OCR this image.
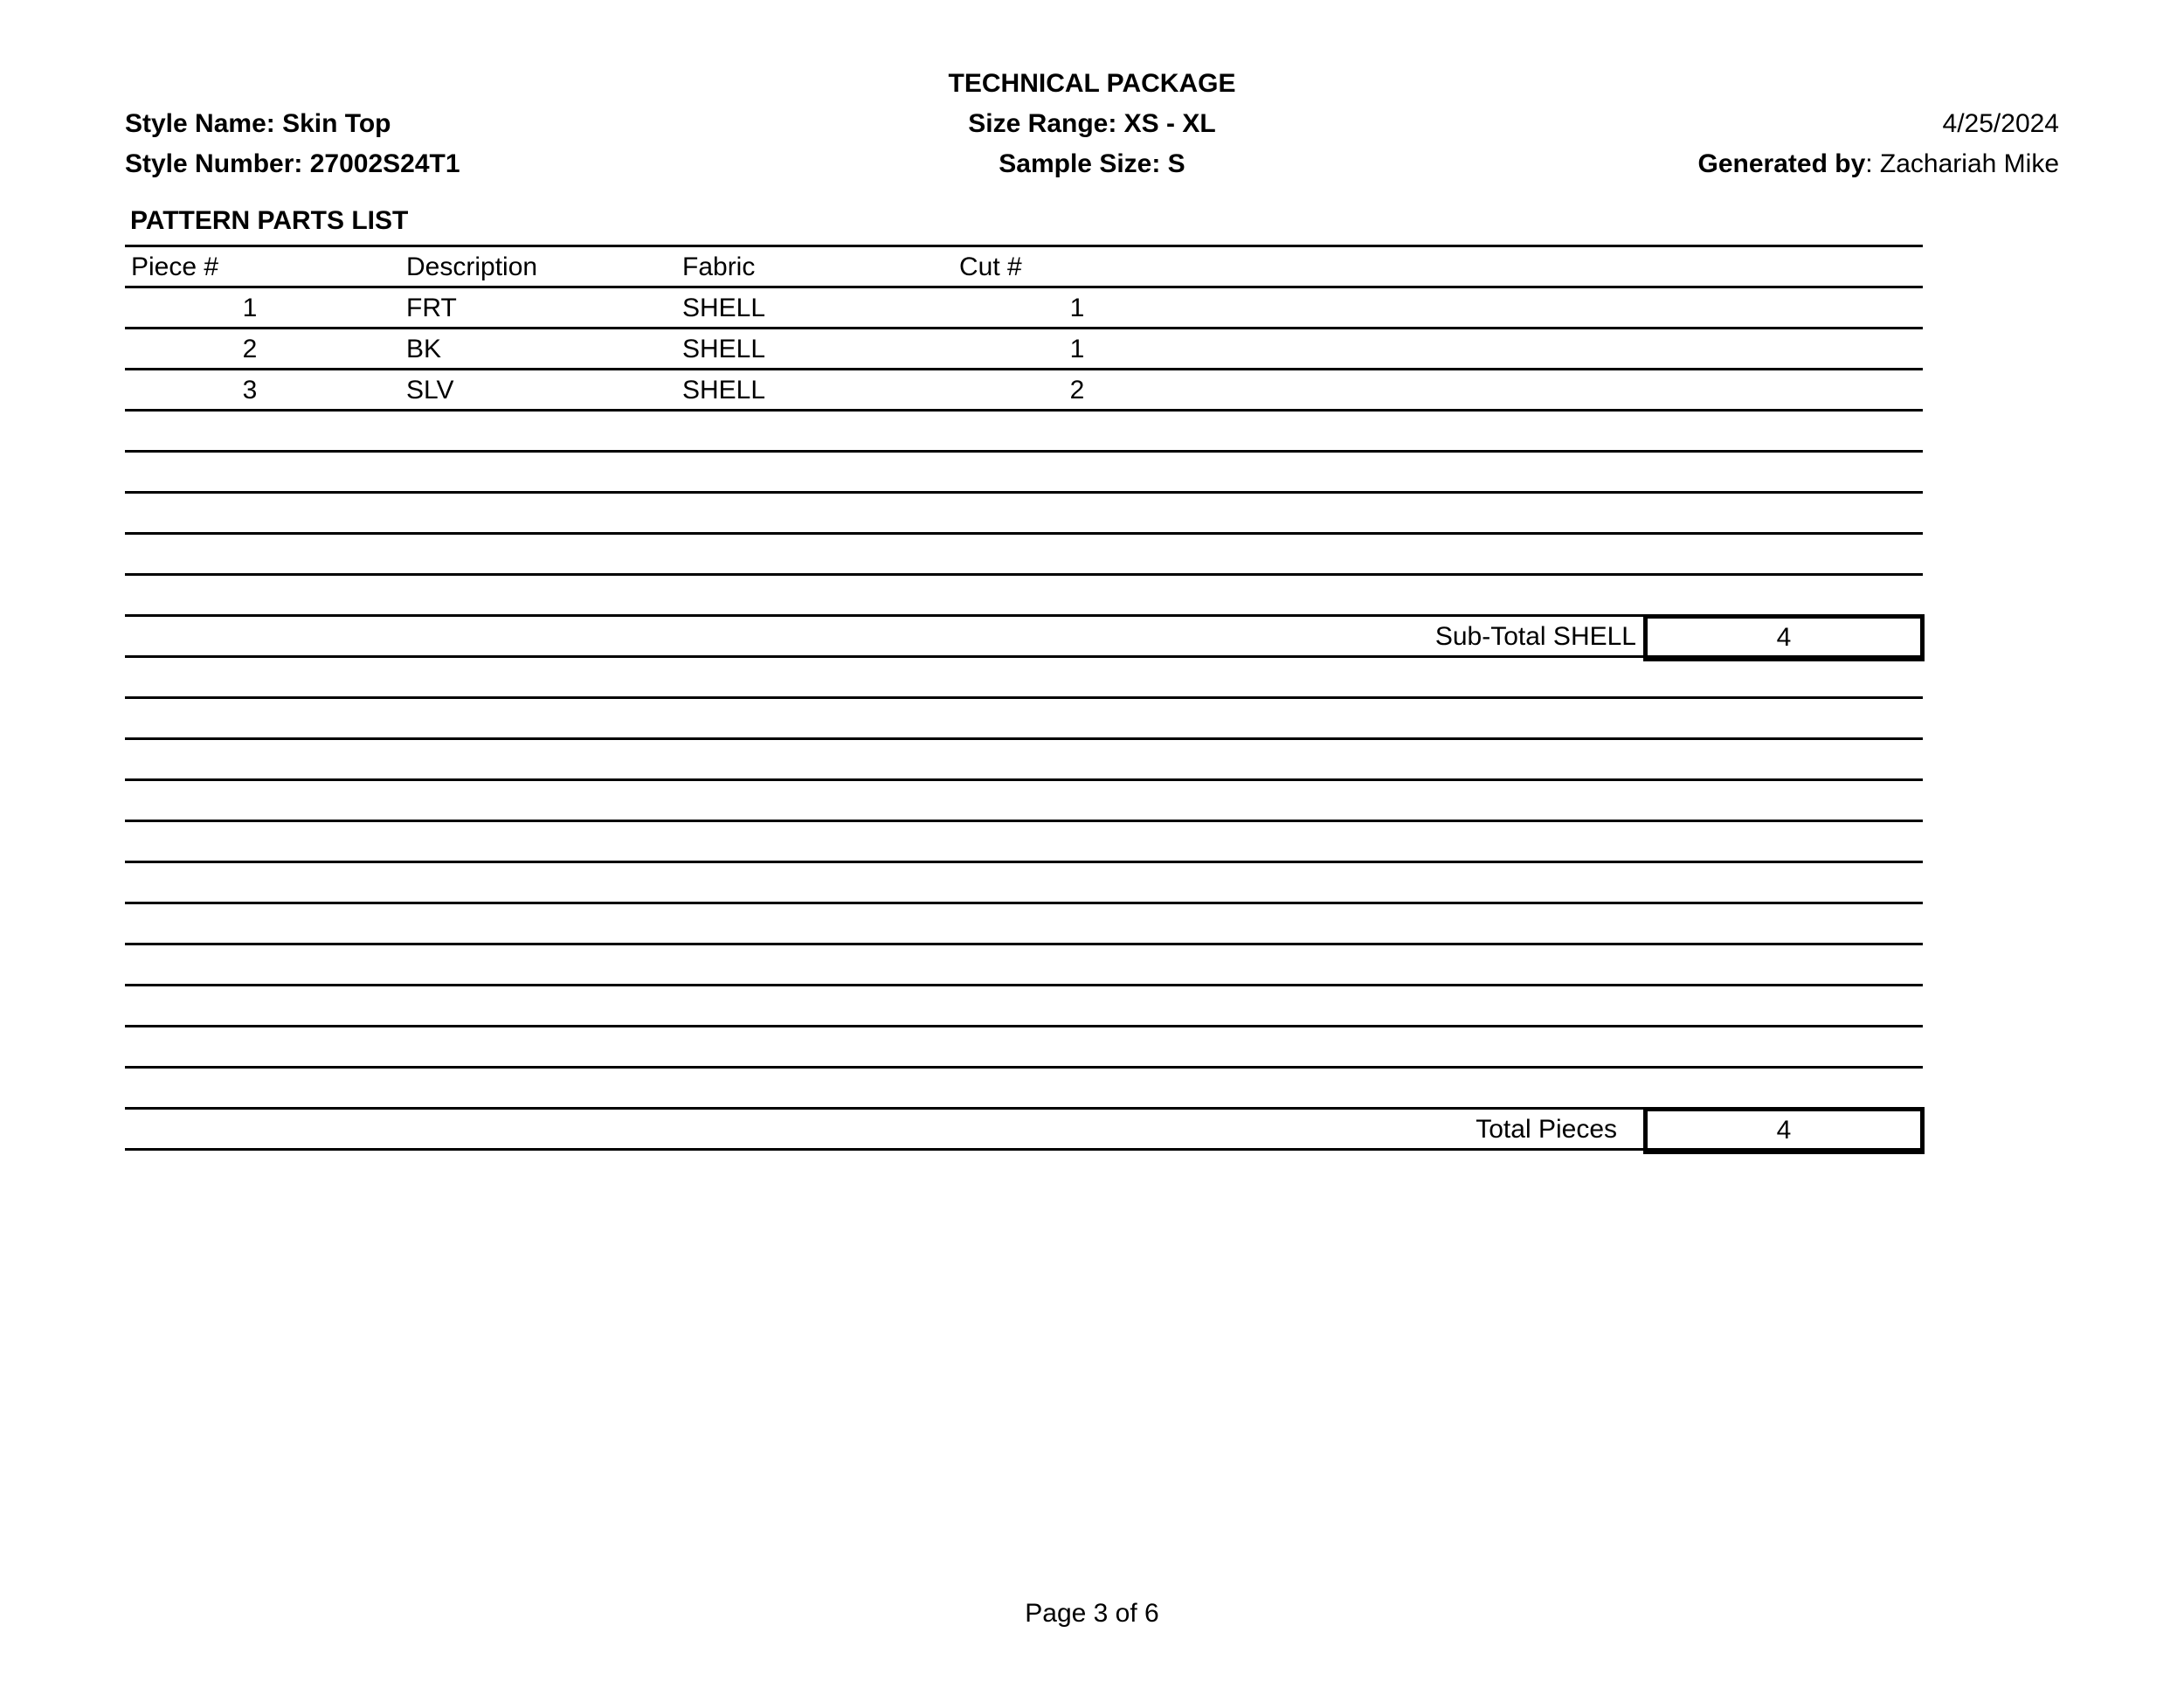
TECHNICAL PACKAGE
Style Name: Skin Top
Style Number: 27002S24T1
Size Range: XS - XL
Sample Size: S
4/25/2024
Generated by: Zachariah Mike
PATTERN PARTS LIST
Piece #	Description	Fabric	Cut #
1	FRT	SHELL	1
2	BK	SHELL	1
3	SLV	SHELL	2
Sub-Total SHELL	4
Total Pieces	4
Page 3 of 6
